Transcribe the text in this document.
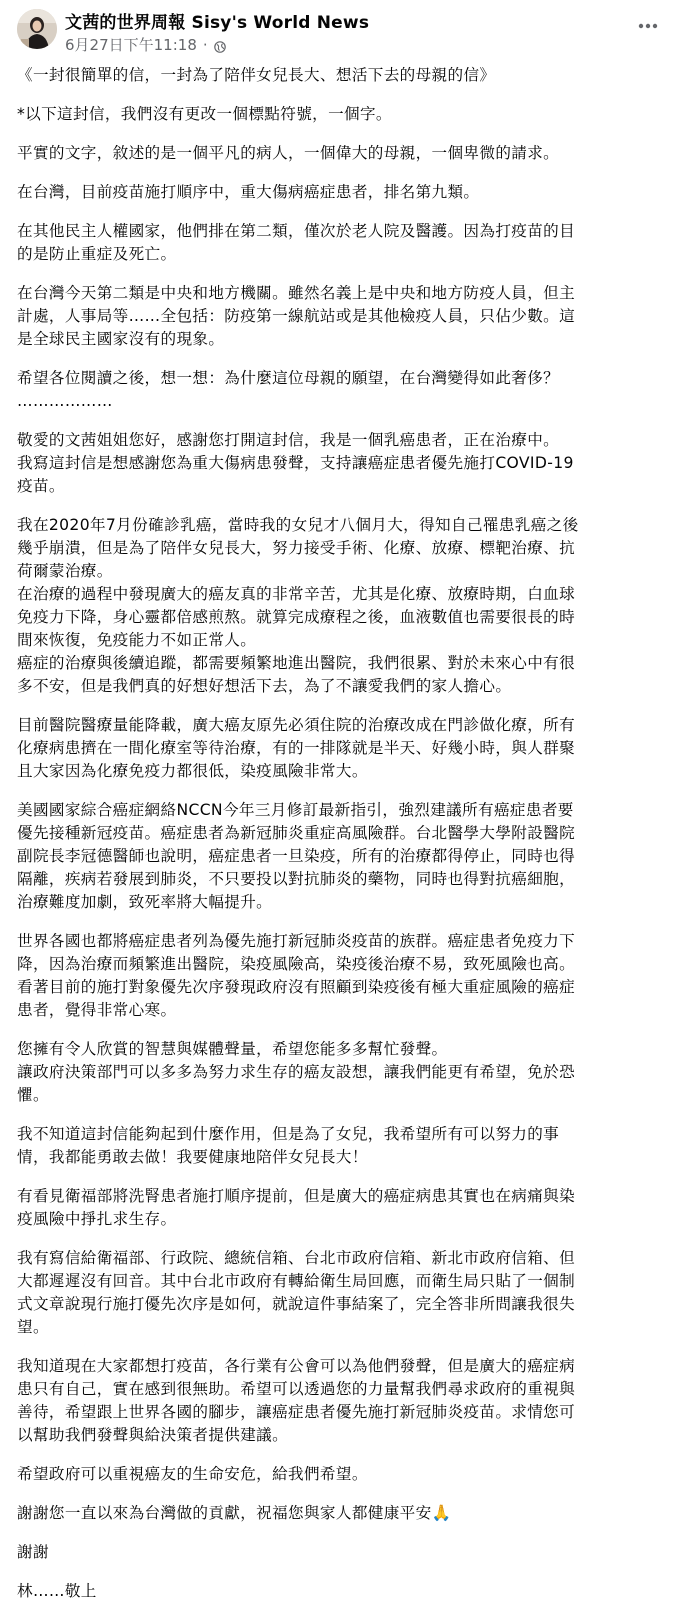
文茜的世界周報 Sisy's World News
6月27日下午11:18 ·

《一封很簡單的信，一封為了陪伴女兒長大、想活下去的母親的信》

*以下這封信，我們沒有更改一個標點符號，一個字。

平實的文字，敘述的是一個平凡的病人，一個偉大的母親，一個卑微的請求。

在台灣，目前疫苗施打順序中，重大傷病癌症患者，排名第九類。

在其他民主人權國家，他們排在第二類，僅次於老人院及醫護。因為打疫苗的目
的是防止重症及死亡。

在台灣今天第二類是中央和地方機關。雖然名義上是中央和地方防疫人員，但主
計處，人事局等……全包括：防疫第一線航站或是其他檢疫人員，只佔少數。這
是全球民主國家沒有的現象。

希望各位閱讀之後，想一想：為什麼這位母親的願望，在台灣變得如此奢侈？
………………

敬愛的文茜姐姐您好，感謝您打開這封信，我是一個乳癌患者，正在治療中。
我寫這封信是想感謝您為重大傷病患發聲，支持讓癌症患者優先施打COVID-19
疫苗。

我在2020年7月份確診乳癌，當時我的女兒才八個月大，得知自己罹患乳癌之後
幾乎崩潰，但是為了陪伴女兒長大，努力接受手術、化療、放療、標靶治療、抗
荷爾蒙治療。
在治療的過程中發現廣大的癌友真的非常辛苦，尤其是化療、放療時期，白血球
免疫力下降，身心靈都倍感煎熬。就算完成療程之後，血液數值也需要很長的時
間來恢復，免疫能力不如正常人。
癌症的治療與後續追蹤，都需要頻繁地進出醫院，我們很累、對於未來心中有很
多不安，但是我們真的好想好想活下去，為了不讓愛我們的家人擔心。

目前醫院醫療量能降載，廣大癌友原先必須住院的治療改成在門診做化療，所有
化療病患擠在一間化療室等待治療，有的一排隊就是半天、好幾小時，與人群聚
且大家因為化療免疫力都很低，染疫風險非常大。

美國國家綜合癌症網絡NCCN今年三月修訂最新指引，強烈建議所有癌症患者要
優先接種新冠疫苗。癌症患者為新冠肺炎重症高風險群。台北醫學大學附設醫院
副院長李冠德醫師也說明，癌症患者一旦染疫，所有的治療都得停止，同時也得
隔離，疾病若發展到肺炎，不只要投以對抗肺炎的藥物，同時也得對抗癌細胞，
治療難度加劇，致死率將大幅提升。

世界各國也都將癌症患者列為優先施打新冠肺炎疫苗的族群。癌症患者免疫力下
降，因為治療而頻繁進出醫院，染疫風險高，染疫後治療不易，致死風險也高。
看著目前的施打對象優先次序發現政府沒有照顧到染疫後有極大重症風險的癌症
患者，覺得非常心寒。

您擁有令人欣賞的智慧與媒體聲量，希望您能多多幫忙發聲。
讓政府決策部門可以多多為努力求生存的癌友設想，讓我們能更有希望，免於恐
懼。

我不知道這封信能夠起到什麼作用，但是為了女兒，我希望所有可以努力的事
情，我都能勇敢去做！我要健康地陪伴女兒長大！

有看見衛福部將洗腎患者施打順序提前，但是廣大的癌症病患其實也在病痛與染
疫風險中掙扎求生存。

我有寫信給衛福部、行政院、總統信箱、台北市政府信箱、新北市政府信箱、但
大都遲遲沒有回音。其中台北市政府有轉給衛生局回應，而衛生局只貼了一個制
式文章說現行施打優先次序是如何，就說這件事結案了，完全答非所問讓我很失
望。

我知道現在大家都想打疫苗，各行業有公會可以為他們發聲，但是廣大的癌症病
患只有自己，實在感到很無助。希望可以透過您的力量幫我們尋求政府的重視與
善待，希望跟上世界各國的腳步，讓癌症患者優先施打新冠肺炎疫苗。求情您可
以幫助我們發聲與給決策者提供建議。

希望政府可以重視癌友的生命安危，給我們希望。

謝謝您一直以來為台灣做的貢獻，祝福您與家人都健康平安🙏

謝謝

林……敬上
